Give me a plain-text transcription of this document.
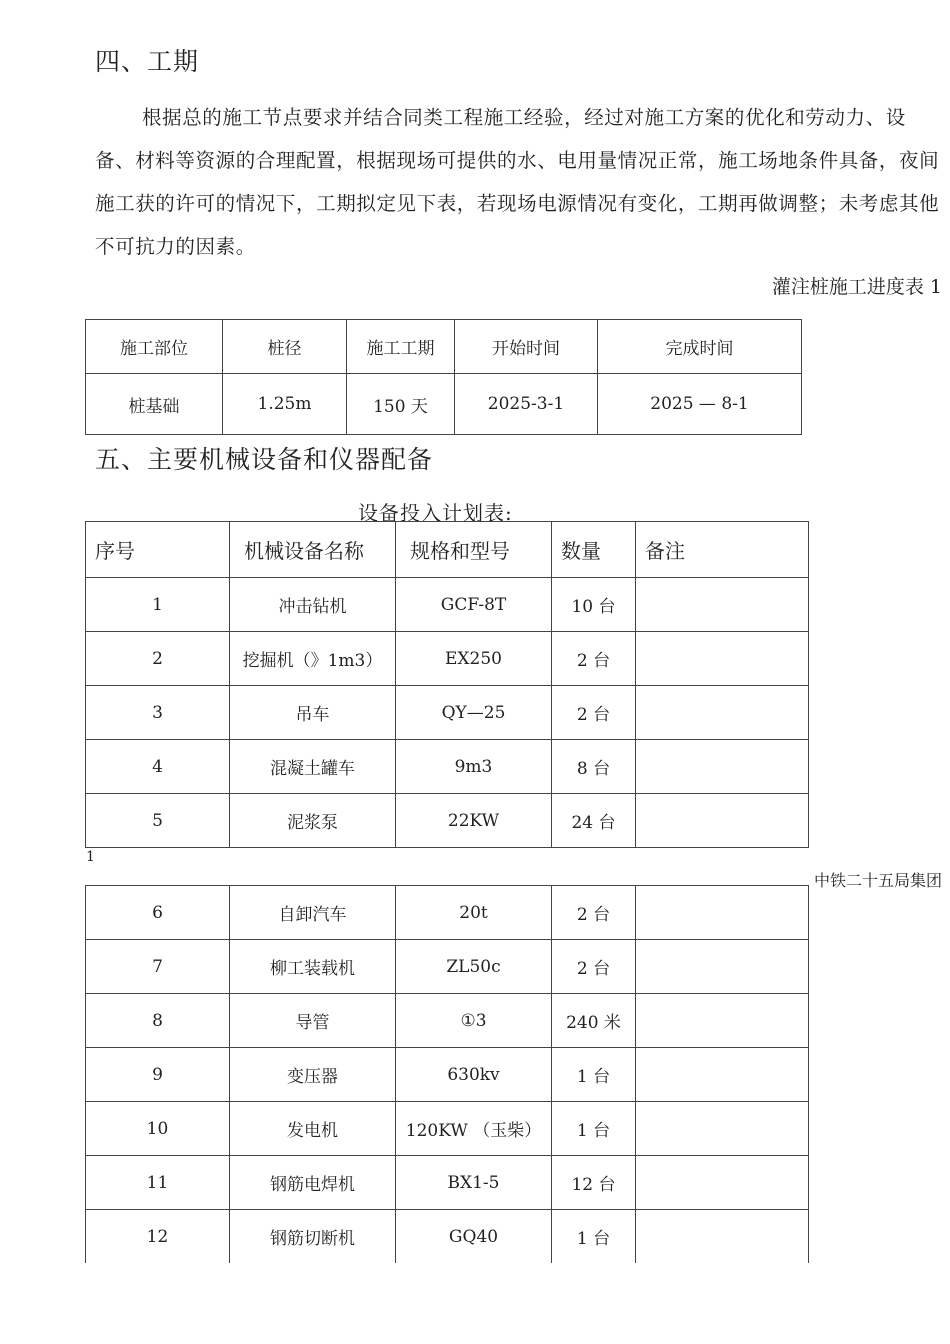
四、工期
根据总的施工节点要求并结合同类工程施工经验，经过对施工方案的优化和劳动力、设备、材料等资源的合理配置，根据现场可提供的水、电用量情况正常，施工场地条件具备，夜间施工获的许可的情况下，工期拟定见下表，若现场电源情况有变化，工期再做调整；未考虑其他不可抗力的因素。
灌注桩施工进度表 1
施工部位	桩径	施工工期	开始时间	完成时间
桩基础	1.25m	150 天	2025-3-1	2025 — 8-1
五、主要机械设备和仪器配备
设备投入计划表:
序号	机械设备名称	规格和型号	数量	备注
1	冲击钻机	GCF-8T	10 台	
2	挖掘机（》1m3）	EX250	2 台	
3	吊车	QY—25	2 台	
4	混凝土罐车	9m3	8 台	
5	泥浆泵	22KW	24 台	
1
中铁二十五局集团
6	自卸汽车	20t	2 台	
7	柳工装载机	ZL50c	2 台	
8	导管	①3	240 米	
9	变压器	630kv	1 台	
10	发电机	120KW （玉柴）	1 台	
11	钢筋电焊机	BX1-5	12 台	
12	钢筋切断机	GQ40	1 台	
